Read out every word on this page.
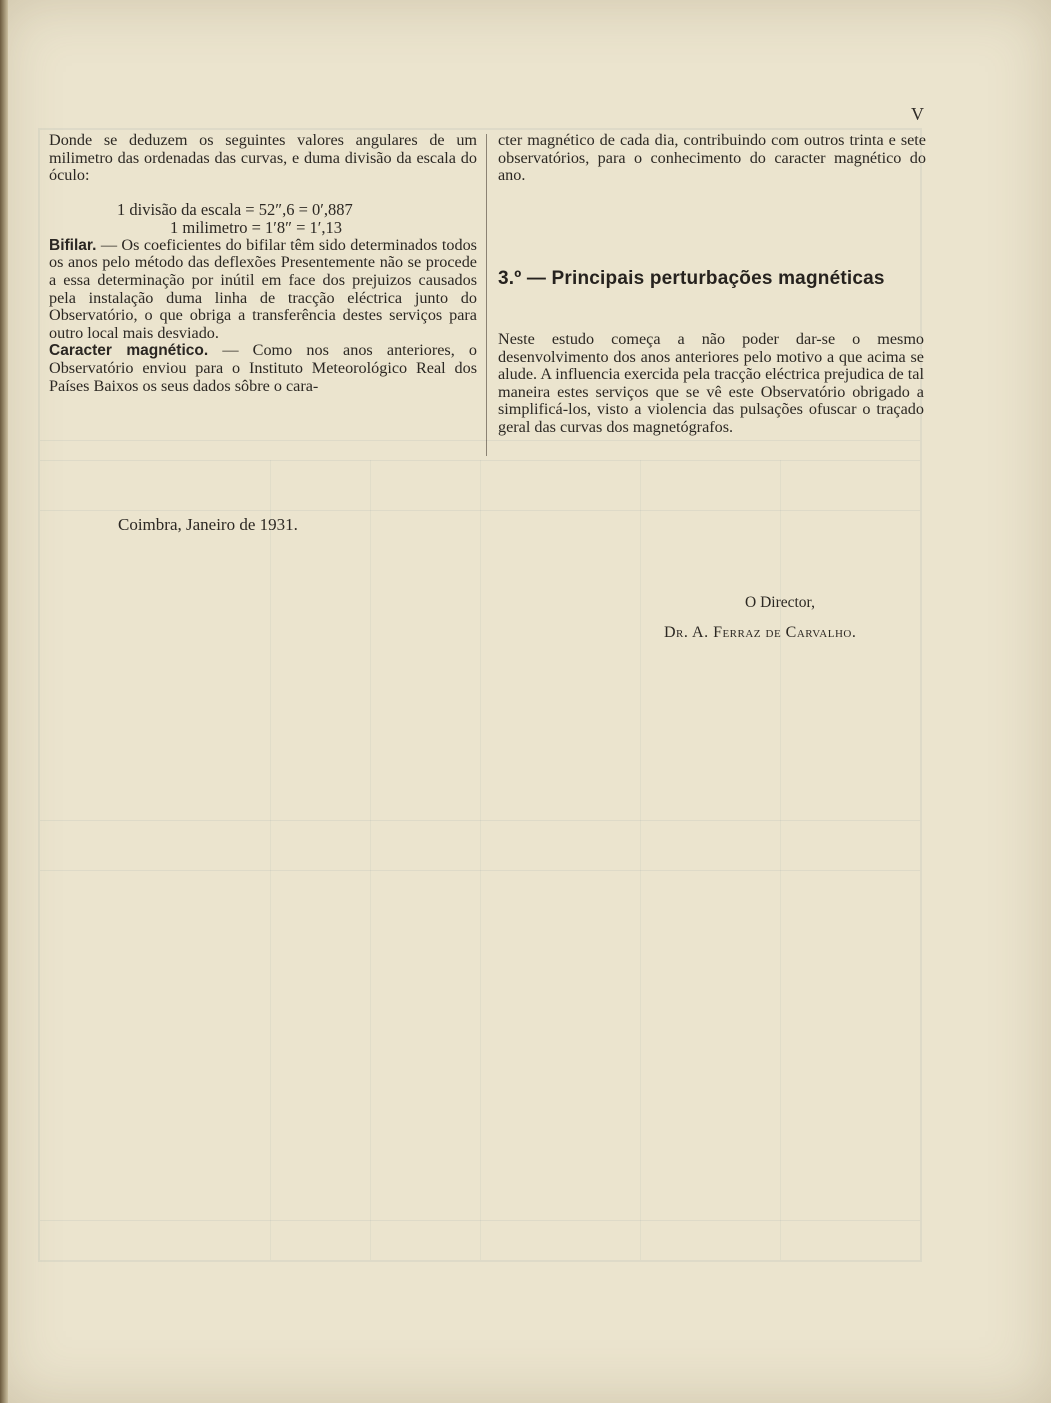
V

Donde se deduzem os seguintes valores angulares de um milimetro das ordenadas das curvas, e duma divisão da escala do óculo:

1 divisão da escala = 52″,6 = 0′,887
1 milimetro = 1′8″ = 1′,13

Bifilar. — Os coeficientes do bifilar têm sido determinados todos os anos pelo método das deflexões Presentemente não se procede a essa determinação por inútil em face dos prejuizos causados pela instalação duma linha de tracção eléctrica junto do Observatório, o que obriga a transferência destes serviços para outro local mais desviado.

Caracter magnético. — Como nos anos anteriores, o Observatório enviou para o Instituto Meteorológico Real dos Países Baixos os seus dados sôbre o cara-

cter magnético de cada dia, contribuindo com outros trinta e sete observatórios, para o conhecimento do caracter magnético do ano.

3.º — Principais perturbações magnéticas

Neste estudo começa a não poder dar-se o mesmo desenvolvimento dos anos anteriores pelo motivo a que acima se alude. A influencia exercida pela tracção eléctrica prejudica de tal maneira estes serviços que se vê este Observatório obrigado a simplificá-los, visto a violencia das pulsações ofuscar o traçado geral das curvas dos magnetógrafos.

Coimbra, Janeiro de 1931.
O Director,
Dr. A. Ferraz de Carvalho.
